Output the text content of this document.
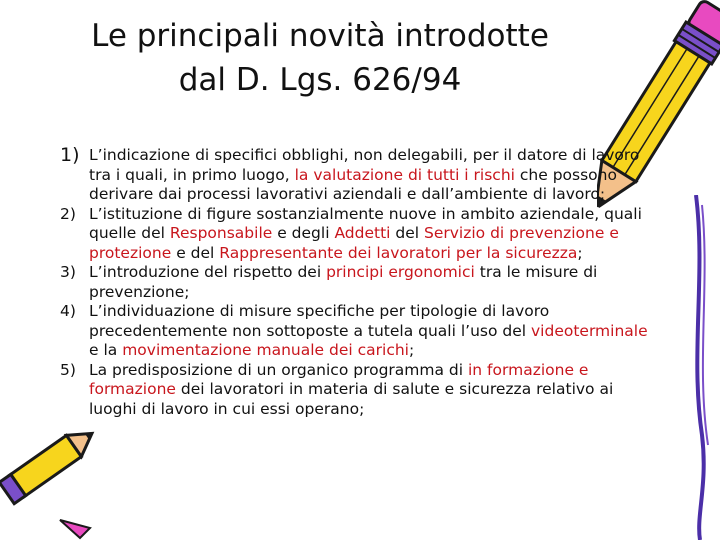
Le principali novità introdotte
dal D. Lgs. 626/94
1) L’indicazione di specifici obblighi, non delegabili, per il datore di lavoro tra i quali, in primo luogo, la valutazione di tutti i rischi che possono derivare dai processi lavorativi aziendali e dall’ambiente di lavoro;
2) L’istituzione di figure sostanzialmente nuove in ambito aziendale, quali quelle del Responsabile e degli Addetti del Servizio di prevenzione e protezione e del Rappresentante dei lavoratori per la sicurezza;
3) L’introduzione del rispetto dei principi ergonomici tra le misure di prevenzione;
4) L’individuazione di misure specifiche per tipologie di lavoro precedentemente non sottoposte a tutela quali l’uso del videoterminale e la movimentazione manuale dei carichi;
5) La predisposizione di un organico programma di in formazione e formazione dei lavoratori in materia di salute e sicurezza relativo ai luoghi di lavoro in cui essi operano;
